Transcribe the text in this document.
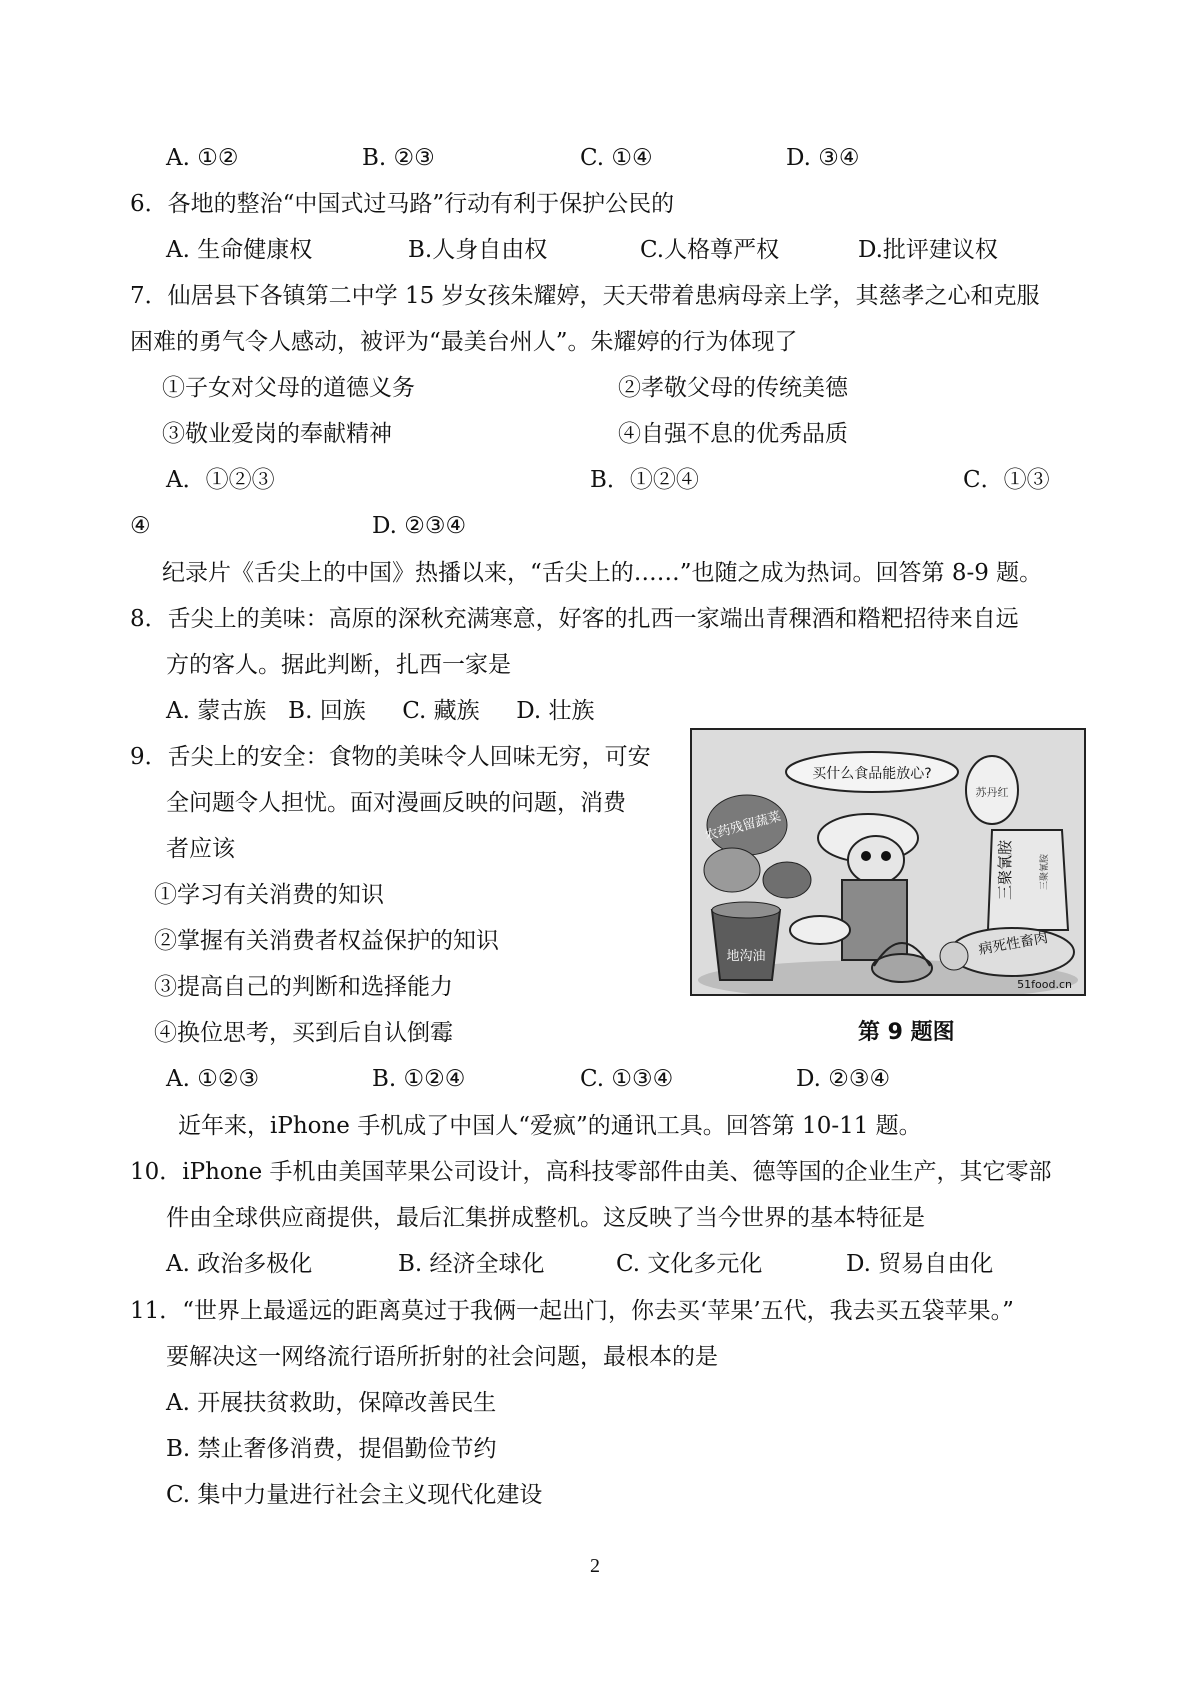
A. ①②	B. ②③	C. ①④	D. ③④
6．各地的整治“中国式过马路”行动有利于保护公民的
A. 生命健康权	B.人身自由权	C.人格尊严权	D.批评建议权
7．仙居县下各镇第二中学 15 岁女孩朱耀婷，天天带着患病母亲上学，其慈孝之心和克服
困难的勇气令人感动，被评为“最美台州人”。朱耀婷的行为体现了
①子女对父母的道德义务	②孝敬父母的传统美德
③敬业爱岗的奉献精神	④自强不息的优秀品质
A．①②③	B．①②④	C．①③
④	D. ②③④
纪录片《舌尖上的中国》热播以来，“舌尖上的……”也随之成为热词。回答第 8-9 题。
8．舌尖上的美味：高原的深秋充满寒意，好客的扎西一家端出青稞酒和糌粑招待来自远
方的客人。据此判断，扎西一家是
A. 蒙古族   B. 回族     C. 藏族     D. 壮族
9．舌尖上的安全：食物的美味令人回味无穷，可安
全问题令人担忧。面对漫画反映的问题，消费
者应该
①学习有关消费的知识
②掌握有关消费者权益保护的知识
③提高自己的判断和选择能力
④换位思考，买到后自认倒霉	第 9 题图
买什么食品能放心?
农药残留蔬菜
地沟油
苏丹红
三聚氰胺	三聚氰胺
病死性畜肉
51food.cn
A. ①②③	B. ①②④	C. ①③④	D. ②③④
近年来，iPhone 手机成了中国人“爱疯”的通讯工具。回答第 10-11 题。
10．iPhone 手机由美国苹果公司设计，高科技零部件由美、德等国的企业生产，其它零部
件由全球供应商提供，最后汇集拼成整机。这反映了当今世界的基本特征是
A. 政治多极化	B. 经济全球化	C. 文化多元化	D. 贸易自由化
11．“世界上最遥远的距离莫过于我俩一起出门，你去买‘苹果’五代，我去买五袋苹果。”
要解决这一网络流行语所折射的社会问题，最根本的是
A. 开展扶贫救助，保障改善民生
B. 禁止奢侈消费，提倡勤俭节约
C. 集中力量进行社会主义现代化建设
2
